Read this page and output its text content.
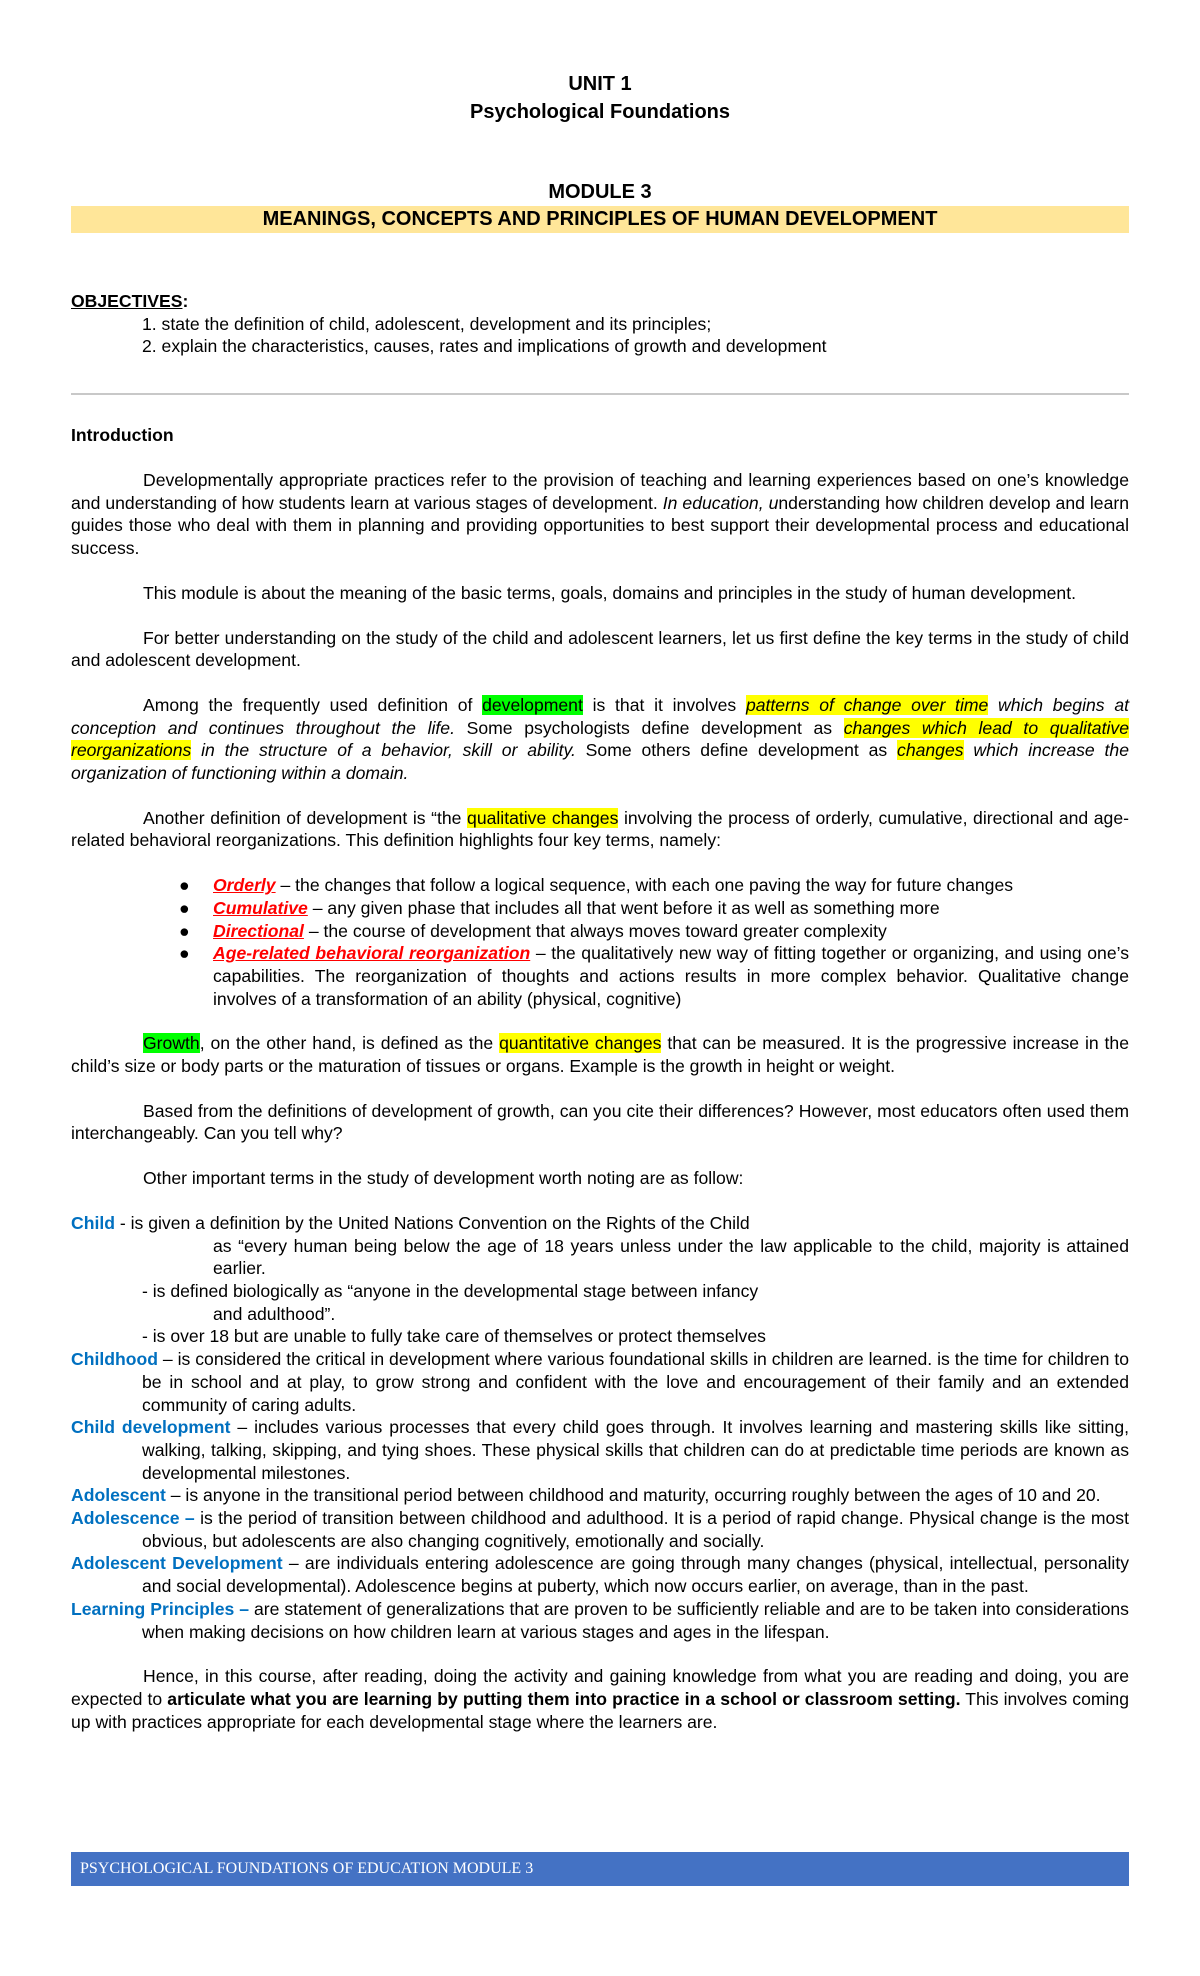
UNIT 1
Psychological Foundations
MODULE 3
MEANINGS, CONCEPTS AND PRINCIPLES OF HUMAN DEVELOPMENT

OBJECTIVES:

1. state the definition of child, adolescent, development and its principles;

2. explain the characteristics, causes, rates and implications of growth and development

Introduction

Developmentally appropriate practices refer to the provision of teaching and learning experiences based on one’s knowledge and understanding of how students learn at various stages of development. In education, understanding how children develop and learn guides those who deal with them in planning and providing opportunities to best support their developmental process and educational success.

This module is about the meaning of the basic terms, goals, domains and principles in the study of human development.

For better understanding on the study of the child and adolescent learners, let us first define the key terms in the study of child and adolescent development.

Among the frequently used definition of development is that it involves patterns of change over time which begins at conception and continues throughout the life. Some psychologists define development as changes which lead to qualitative reorganizations in the structure of a behavior, skill or ability. Some others define development as changes which increase the organization of functioning within a domain.

Another definition of development is “the qualitative changes involving the process of orderly, cumulative, directional and age-related behavioral reorganizations. This definition highlights four key terms, namely:

● Orderly – the changes that follow a logical sequence, with each one paving the way for future changes
● Cumulative – any given phase that includes all that went before it as well as something more
● Directional – the course of development that always moves toward greater complexity
● Age-related behavioral reorganization – the qualitatively new way of fitting together or organizing, and using one’s capabilities. The reorganization of thoughts and actions results in more complex behavior. Qualitative change involves of a transformation of an ability (physical, cognitive)

Growth, on the other hand, is defined as the quantitative changes that can be measured. It is the progressive increase in the child’s size or body parts or the maturation of tissues or organs. Example is the growth in height or weight.

Based from the definitions of development of growth, can you cite their differences? However, most educators often used them interchangeably. Can you tell why?

Other important terms in the study of development worth noting are as follow:

Child - is given a definition by the United Nations Convention on the Rights of the Child

as “every human being below the age of 18 years unless under the law applicable to the child, majority is attained earlier.

- is defined biologically as “anyone in the developmental stage between infancy

and adulthood”.

- is over 18 but are unable to fully take care of themselves or protect themselves

Childhood – is considered the critical in development where various foundational skills in children are learned. is the time for children to be in school and at play, to grow strong and confident with the love and encouragement of their family and an extended community of caring adults.

Child development – includes various processes that every child goes through. It involves learning and mastering skills like sitting, walking, talking, skipping, and tying shoes. These physical skills that children can do at predictable time periods are known as developmental milestones.

Adolescent – is anyone in the transitional period between childhood and maturity, occurring roughly between the ages of 10 and 20.

Adolescence – is the period of transition between childhood and adulthood. It is a period of rapid change. Physical change is the most obvious, but adolescents are also changing cognitively, emotionally and socially.

Adolescent Development – are individuals entering adolescence are going through many changes (physical, intellectual, personality and social developmental). Adolescence begins at puberty, which now occurs earlier, on average, than in the past.

Learning Principles – are statement of generalizations that are proven to be sufficiently reliable and are to be taken into considerations when making decisions on how children learn at various stages and ages in the lifespan.

Hence, in this course, after reading, doing the activity and gaining knowledge from what you are reading and doing, you are expected to articulate what you are learning by putting them into practice in a school or classroom setting. This involves coming up with practices appropriate for each developmental stage where the learners are.

PSYCHOLOGICAL FOUNDATIONS OF EDUCATION MODULE 3
